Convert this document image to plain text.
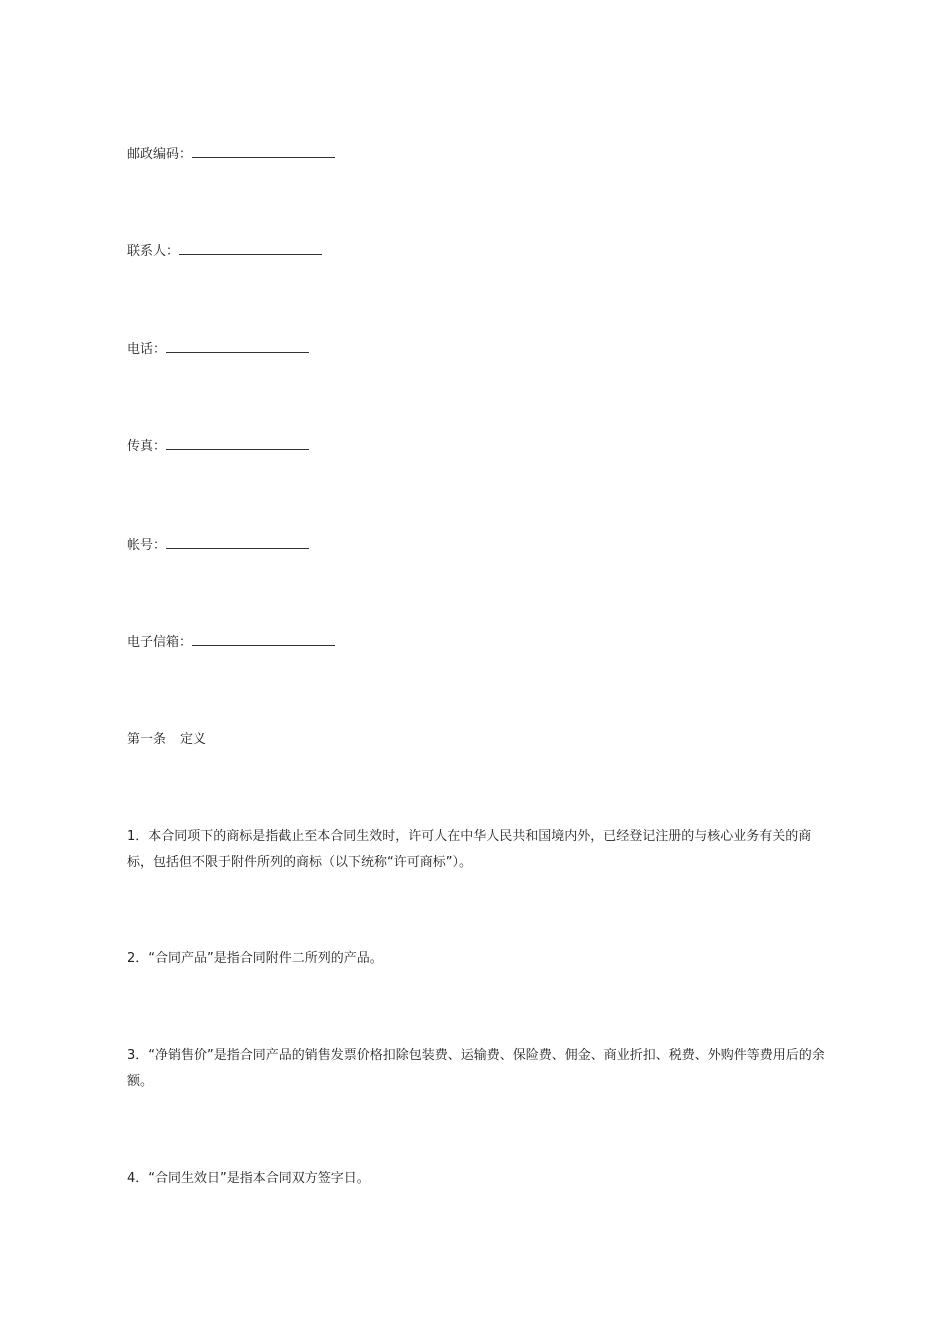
邮政编码：
联系人：
电话：
传真：
帐号：
电子信箱：
第一条 定义
1．本合同项下的商标是指截止至本合同生效时，许可人在中华人民共和国境内外，已经登记注册的与核心业务有关的商标，包括但不限于附件所列的商标（以下统称“许可商标”）。
2．“合同产品”是指合同附件二所列的产品。
3．“净销售价”是指合同产品的销售发票价格扣除包装费、运输费、保险费、佣金、商业折扣、税费、外购件等费用后的余额。
4．“合同生效日”是指本合同双方签字日。
